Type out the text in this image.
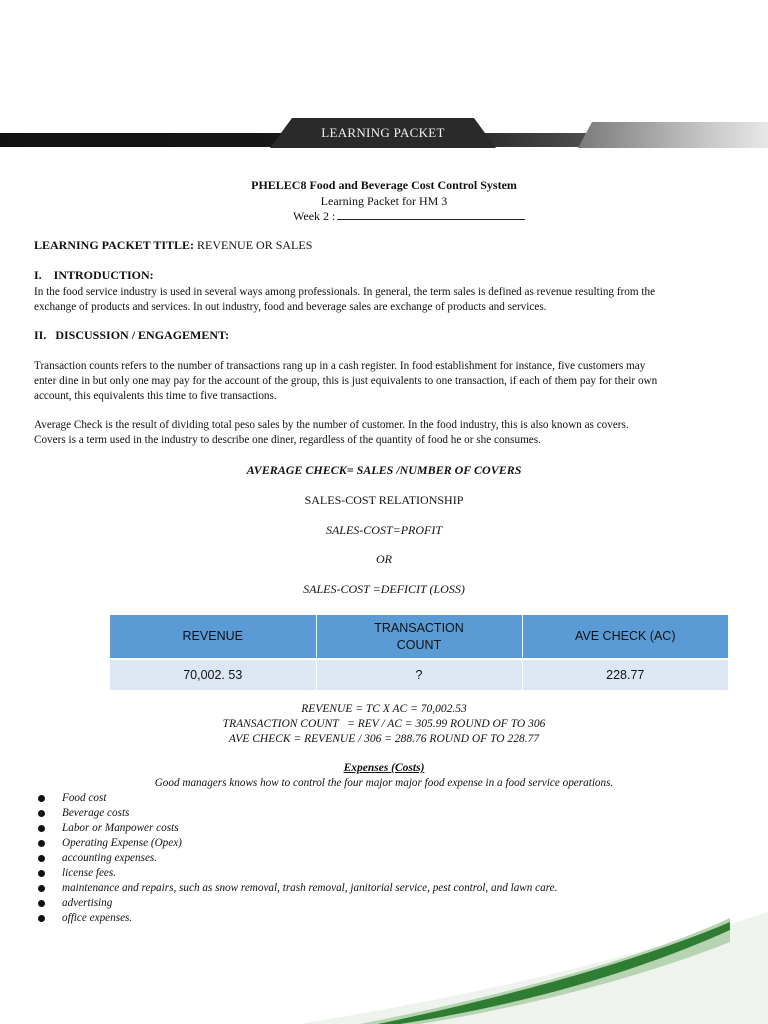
LEARNING PACKET
PHELEC8 Food and Beverage Cost Control System
Learning Packet for HM 3
Week 2 :
LEARNING PACKET TITLE: REVENUE OR SALES
I.    INTRODUCTION:
In the food service industry is used in several ways among professionals. In general, the term sales is defined as revenue resulting from the
exchange of products and services. In out industry, food and beverage sales are exchange of products and services.
II.   DISCUSSION / ENGAGEMENT:
Transaction counts refers to the number of transactions rang up in a cash register. In food establishment for instance, five customers may
enter dine in but only one may pay for the account of the group, this is just equivalents to one transaction, if each of them pay for their own
account, this equivalents this time to five transactions.
Average Check is the result of dividing total peso sales by the number of customer. In the food industry, this is also known as covers.
Covers is a term used in the industry to describe one diner, regardless of the quantity of food he or she consumes.
AVERAGE CHECK= SALES /NUMBER OF COVERS
SALES-COST RELATIONSHIP
SALES-COST=PROFIT
OR
SALES-COST =DEFICIT (LOSS)
REVENUE	TRANSACTION COUNT	AVE CHECK (AC)
70,002. 53	?	228.77
REVENUE = TC X AC = 70,002.53
TRANSACTION COUNT   = REV / AC = 305.99 ROUND OF TO 306
AVE CHECK = REVENUE / 306 = 288.76 ROUND OF TO 228.77
Expenses (Costs)
Good managers knows how to control the four major major food expense in a food service operations.
Food cost
Beverage costs
Labor or Manpower costs
Operating Expense (Opex)
accounting expenses.
license fees.
maintenance and repairs, such as snow removal, trash removal, janitorial service, pest control, and lawn care.
advertising
office expenses.
